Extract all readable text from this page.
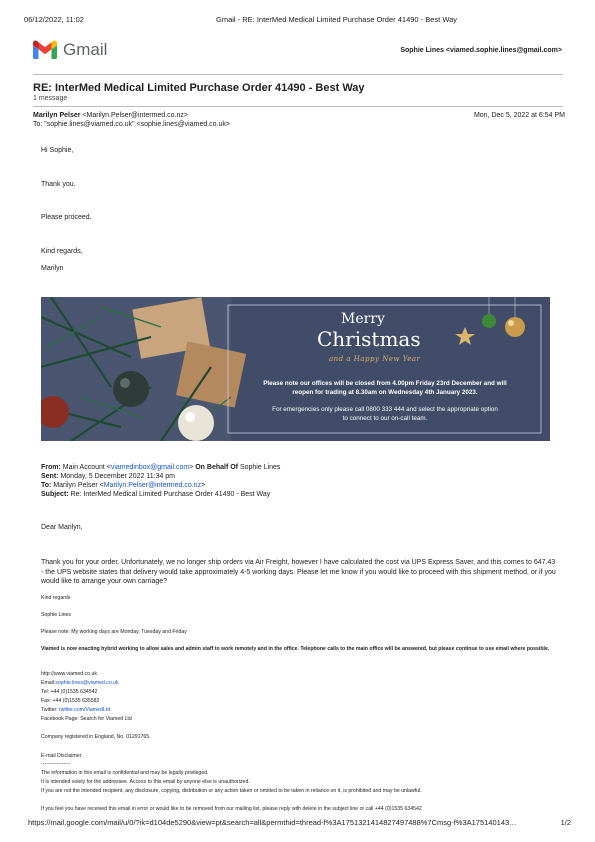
06/12/2022, 11:02	Gmail - RE: InterMed Medical Limited Purchase Order 41490 - Best Way
Gmail	Sophie Lines <viamed.sophie.lines@gmail.com>
RE: InterMed Medical Limited Purchase Order 41490 - Best Way
1 message
Marilyn Pelser <Marilyn.Pelser@intermed.co.nz>
To: "sophie.lines@viamed.co.uk" <sophie.lines@viamed.co.uk>
Mon, Dec 5, 2022 at 6:54 PM
Hi Sophie,
Thank you.
Please proceed.
Kind regards,
Marilyn
Merry
Christmas
and a Happy New Year
Please note our offices will be closed from 4.00pm Friday 23rd December and will
reopen for trading at 8.30am on Wednesday 4th January 2023.
For emergencies only please call 0800 333 444 and select the appropriate option
to connect to our on-call team.
From: Main Account <viamedinbox@gmail.com> On Behalf Of Sophie Lines
Sent: Monday, 5 December 2022 11:34 pm
To: Marilyn Pelser <Marilyn.Pelser@intermed.co.nz>
Subject: Re: InterMed Medical Limited Purchase Order 41490 - Best Way
Dear Marilyn,
Thank you for your order. Unfortunately, we no longer ship orders via Air Freight, however I have calculated the cost via UPS Express Saver, and this comes to 647.43 - the UPS website states that delivery would take approximately 4-5 working days. Please let me know if you would like to proceed with this shipment method, or if you would like to arrange your own carriage?
Kind regards
Sophie Lines
Please note: My working days are Monday, Tuesday and Friday
Viamed is now enacting hybrid working to allow sales and admin staff to work remotely and in the office. Telephone calls to the main office will be answered, but please continue to use email where possible.
http://www.viamed.co.uk
Email:sophie.lines@viamed.co.uk
Tel: +44 (0)1535 634542
Fax: +44 (0)1535 635582
Twitter: twitter.com/ViamedLtd
Facebook Page: Search for Viamed Ltd
Company registered in England, No. 01291765.
E-mail Disclaimer
-----------------
The information in this email is confidential and may be legally privileged.
It is intended solely for the addressee. Access to this email by anyone else is unauthorized.
If you are not the intended recipient, any disclosure, copying, distribution or any action taken or omitted to be taken in reliance on it, is prohibited and may be unlawful.
If you feel you have received this email in error or would like to be removed from our mailing list, please reply with delete in the subject line or call +44 (0)1535 634542
https://mail.google.com/mail/u/0/?ik=d104de5290&view=pt&search=all&permthid=thread-f%3A1751321414827497488%7Cmsg-f%3A175140143…	1/2
